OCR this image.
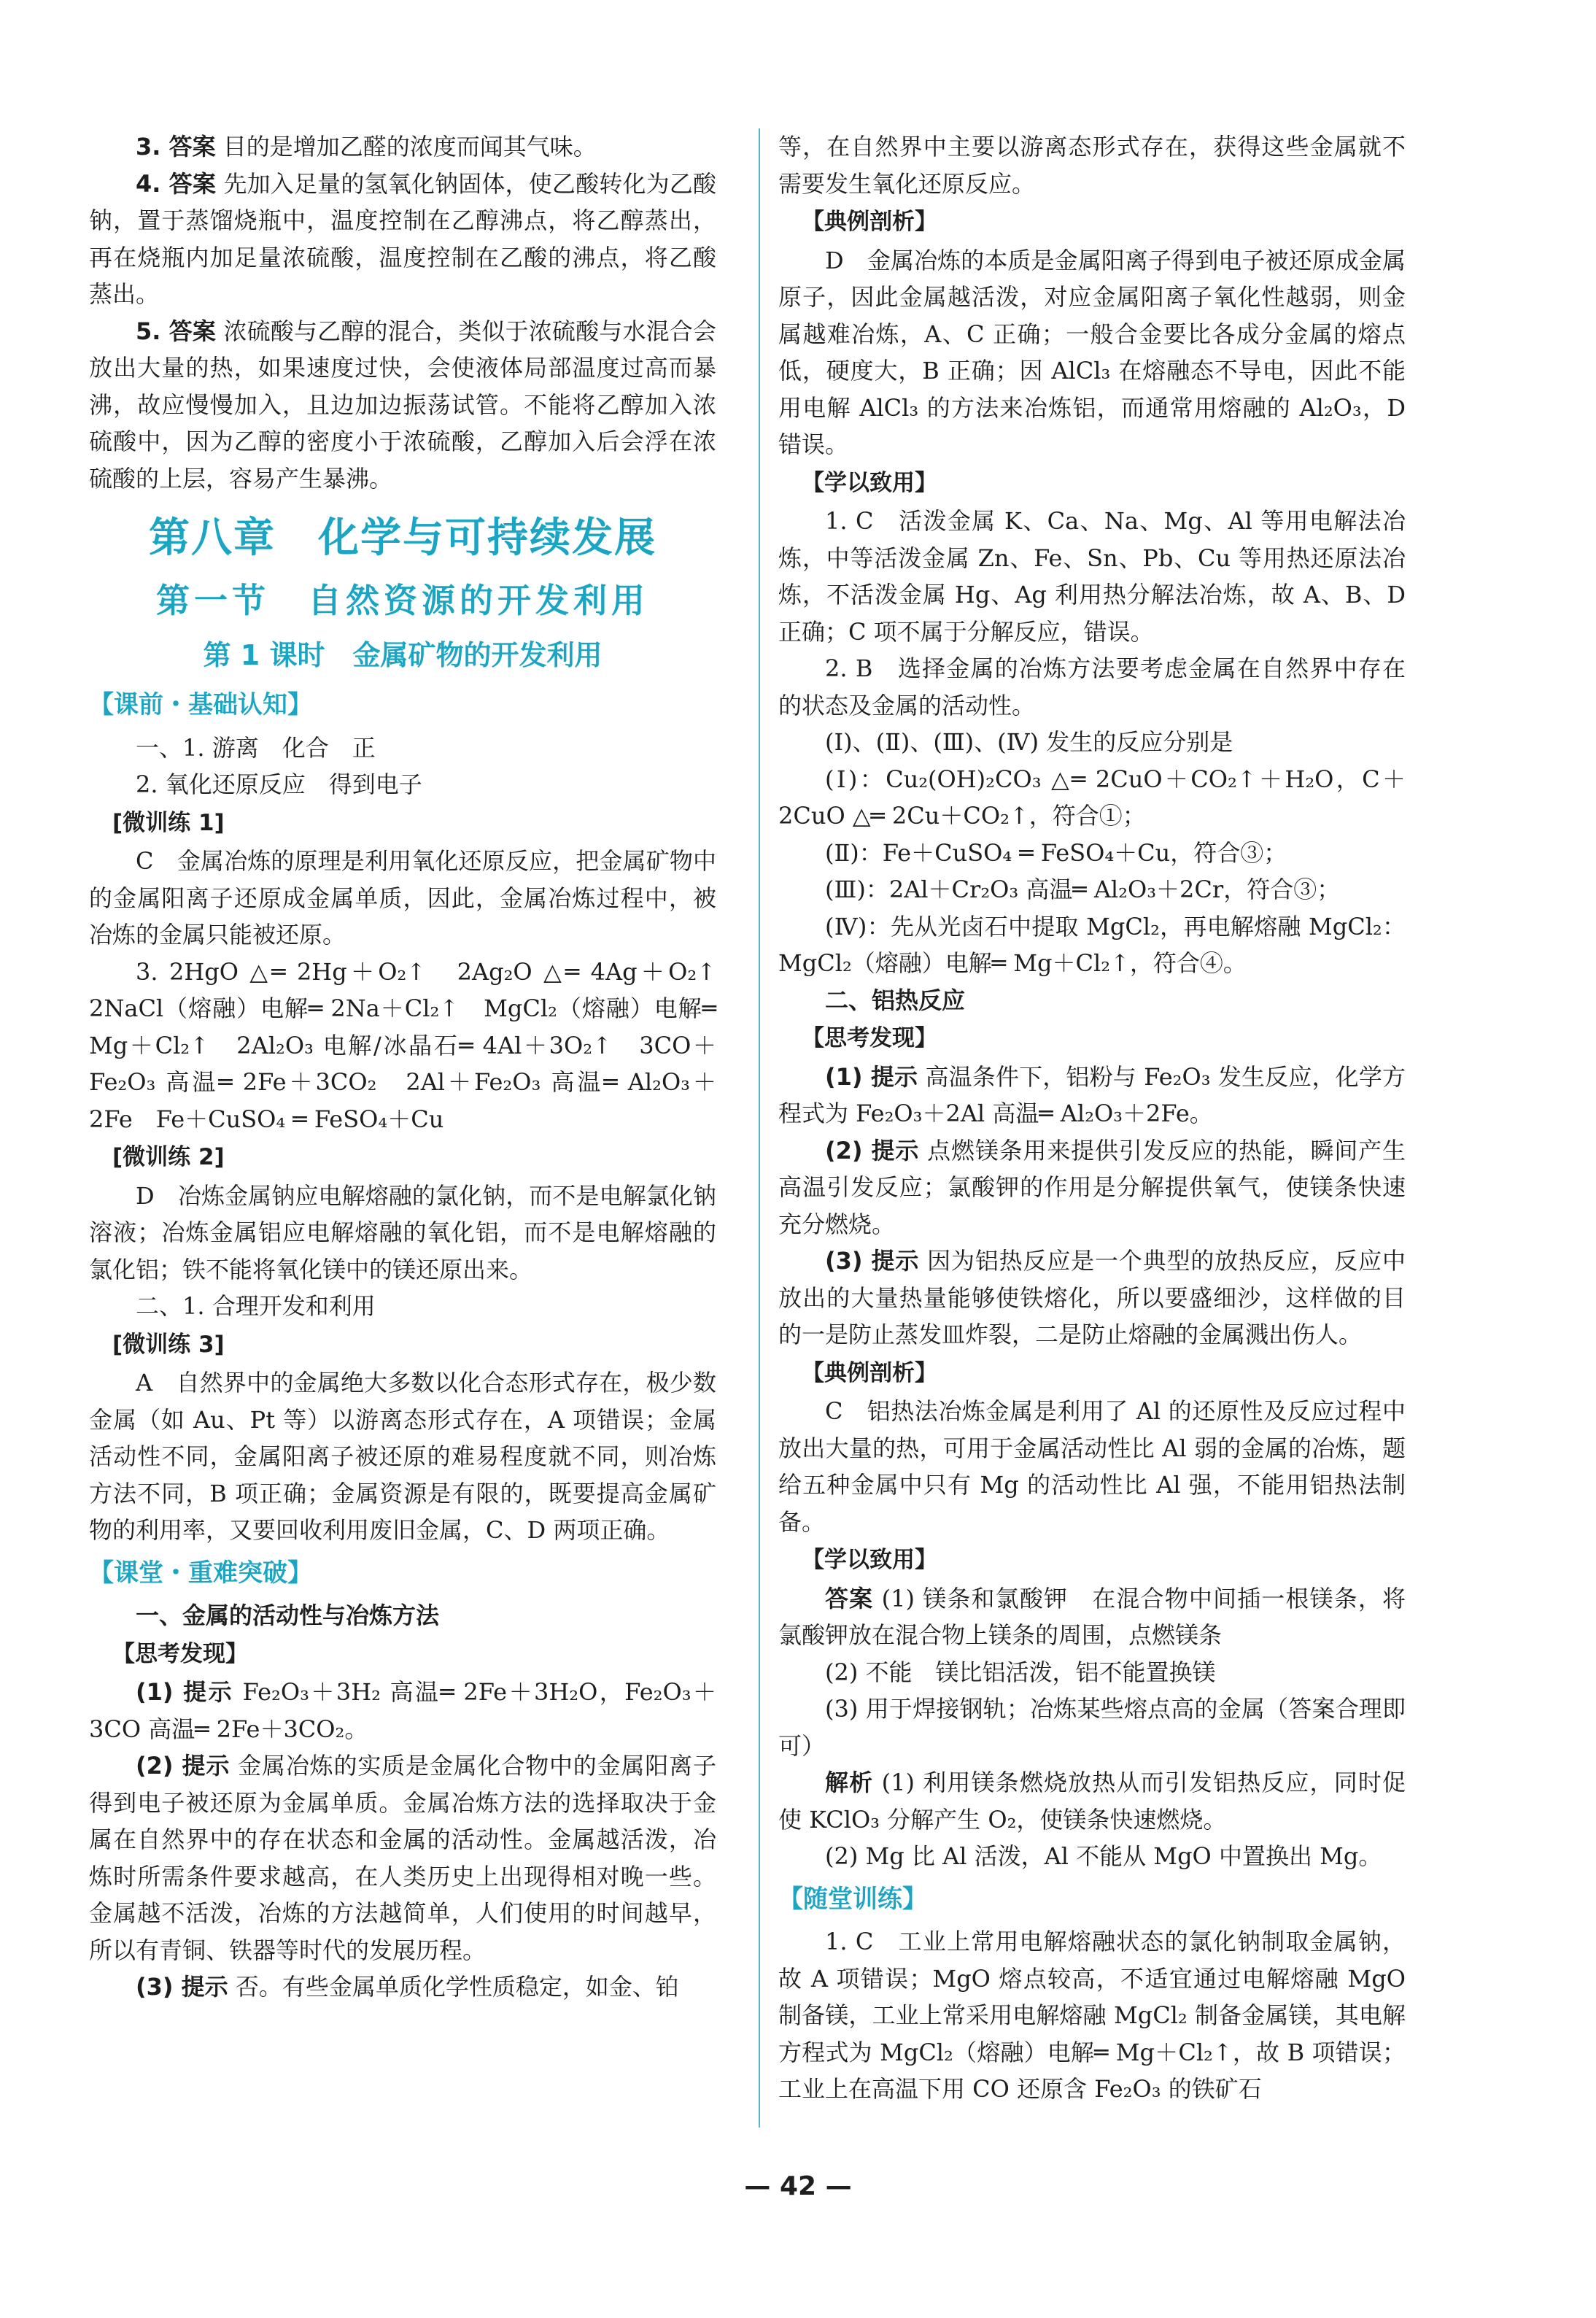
3. 答案 目的是增加乙醛的浓度而闻其气味。

4. 答案 先加入足量的氢氧化钠固体，使乙酸转化为乙酸钠，置于蒸馏烧瓶中，温度控制在乙醇沸点，将乙醇蒸出，再在烧瓶内加足量浓硫酸，温度控制在乙酸的沸点，将乙酸蒸出。

5. 答案 浓硫酸与乙醇的混合，类似于浓硫酸与水混合会放出大量的热，如果速度过快，会使液体局部温度过高而暴沸，故应慢慢加入，且边加边振荡试管。不能将乙醇加入浓硫酸中，因为乙醇的密度小于浓硫酸，乙醇加入后会浮在浓硫酸的上层，容易产生暴沸。

第八章　化学与可持续发展
第一节　自然资源的开发利用
第 1 课时　金属矿物的开发利用
【课前・基础认知】

一、1. 游离　化合　正

2. 氧化还原反应　得到电子

[微训练 1]

C　金属冶炼的原理是利用氧化还原反应，把金属矿物中的金属阳离子还原成金属单质，因此，金属冶炼过程中，被冶炼的金属只能被还原。

3. 2HgO △═ 2Hg＋O₂↑　2Ag₂O △═ 4Ag＋O₂↑　2NaCl（熔融）电解═ 2Na＋Cl₂↑　MgCl₂（熔融）电解═ Mg＋Cl₂↑　2Al₂O₃ 电解/冰晶石═ 4Al＋3O₂↑　3CO＋Fe₂O₃ 高温═ 2Fe＋3CO₂　2Al＋Fe₂O₃ 高温═ Al₂O₃＋2Fe　Fe＋CuSO₄ ═ FeSO₄＋Cu

[微训练 2]

D　冶炼金属钠应电解熔融的氯化钠，而不是电解氯化钠溶液；冶炼金属铝应电解熔融的氧化铝，而不是电解熔融的氯化铝；铁不能将氧化镁中的镁还原出来。

二、1. 合理开发和利用

[微训练 3]

A　自然界中的金属绝大多数以化合态形式存在，极少数金属（如 Au、Pt 等）以游离态形式存在，A 项错误；金属活动性不同，金属阳离子被还原的难易程度就不同，则冶炼方法不同，B 项正确；金属资源是有限的，既要提高金属矿物的利用率，又要回收利用废旧金属，C、D 两项正确。

【课堂・重难突破】

一、金属的活动性与冶炼方法

【思考发现】

(1) 提示 Fe₂O₃＋3H₂ 高温═ 2Fe＋3H₂O，Fe₂O₃＋3CO 高温═ 2Fe＋3CO₂。

(2) 提示 金属冶炼的实质是金属化合物中的金属阳离子得到电子被还原为金属单质。金属冶炼方法的选择取决于金属在自然界中的存在状态和金属的活动性。金属越活泼，冶炼时所需条件要求越高，在人类历史上出现得相对晚一些。金属越不活泼，冶炼的方法越简单，人们使用的时间越早，所以有青铜、铁器等时代的发展历程。

(3) 提示 否。有些金属单质化学性质稳定，如金、铂

等，在自然界中主要以游离态形式存在，获得这些金属就不需要发生氧化还原反应。

【典例剖析】

D　金属冶炼的本质是金属阳离子得到电子被还原成金属原子，因此金属越活泼，对应金属阳离子氧化性越弱，则金属越难冶炼，A、C 正确；一般合金要比各成分金属的熔点低，硬度大，B 正确；因 AlCl₃ 在熔融态不导电，因此不能用电解 AlCl₃ 的方法来冶炼铝，而通常用熔融的 Al₂O₃，D 错误。

【学以致用】

1. C　活泼金属 K、Ca、Na、Mg、Al 等用电解法冶炼，中等活泼金属 Zn、Fe、Sn、Pb、Cu 等用热还原法冶炼，不活泼金属 Hg、Ag 利用热分解法冶炼，故 A、B、D 正确；C 项不属于分解反应，错误。

2. B　选择金属的冶炼方法要考虑金属在自然界中存在的状态及金属的活动性。

(Ⅰ)、(Ⅱ)、(Ⅲ)、(Ⅳ) 发生的反应分别是

(Ⅰ)：Cu₂(OH)₂CO₃ △═ 2CuO＋CO₂↑＋H₂O，C＋2CuO △═ 2Cu＋CO₂↑，符合①；

(Ⅱ)：Fe＋CuSO₄ ═ FeSO₄＋Cu，符合③；

(Ⅲ)：2Al＋Cr₂O₃ 高温═ Al₂O₃＋2Cr，符合③；

(Ⅳ)：先从光卤石中提取 MgCl₂，再电解熔融 MgCl₂：MgCl₂（熔融）电解═ Mg＋Cl₂↑，符合④。

二、铝热反应

【思考发现】

(1) 提示 高温条件下，铝粉与 Fe₂O₃ 发生反应，化学方程式为 Fe₂O₃＋2Al 高温═ Al₂O₃＋2Fe。

(2) 提示 点燃镁条用来提供引发反应的热能，瞬间产生高温引发反应；氯酸钾的作用是分解提供氧气，使镁条快速充分燃烧。

(3) 提示 因为铝热反应是一个典型的放热反应，反应中放出的大量热量能够使铁熔化，所以要盛细沙，这样做的目的一是防止蒸发皿炸裂，二是防止熔融的金属溅出伤人。

【典例剖析】

C　铝热法冶炼金属是利用了 Al 的还原性及反应过程中放出大量的热，可用于金属活动性比 Al 弱的金属的冶炼，题给五种金属中只有 Mg 的活动性比 Al 强，不能用铝热法制备。

【学以致用】

答案 (1) 镁条和氯酸钾　在混合物中间插一根镁条，将氯酸钾放在混合物上镁条的周围，点燃镁条

(2) 不能　镁比铝活泼，铝不能置换镁

(3) 用于焊接钢轨；冶炼某些熔点高的金属（答案合理即可）

解析 (1) 利用镁条燃烧放热从而引发铝热反应，同时促使 KClO₃ 分解产生 O₂，使镁条快速燃烧。

(2) Mg 比 Al 活泼，Al 不能从 MgO 中置换出 Mg。

【随堂训练】

1. C　工业上常用电解熔融状态的氯化钠制取金属钠，故 A 项错误；MgO 熔点较高，不适宜通过电解熔融 MgO 制备镁，工业上常采用电解熔融 MgCl₂ 制备金属镁，其电解方程式为 MgCl₂（熔融）电解═ Mg＋Cl₂↑，故 B 项错误；工业上在高温下用 CO 还原含 Fe₂O₃ 的铁矿石

— 42 —
